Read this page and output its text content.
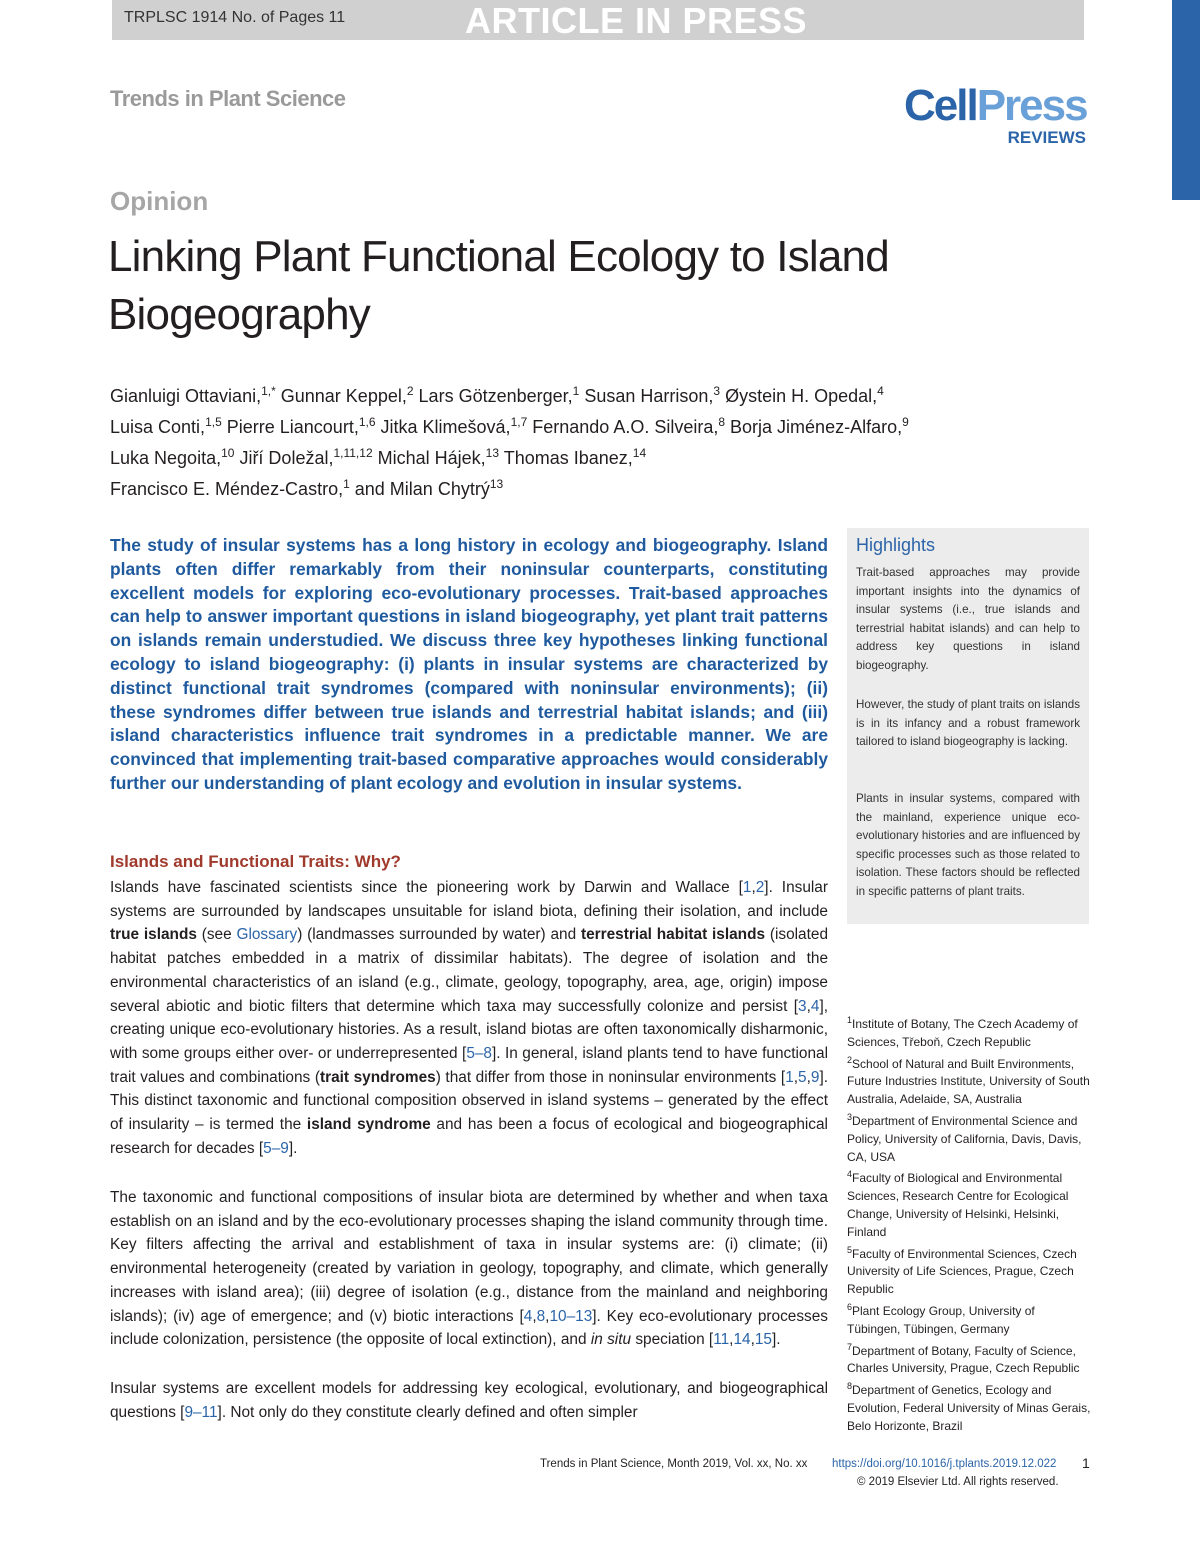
TRPLSC 1914 No. of Pages 11	ARTICLE IN PRESS
Trends in Plant Science	CellPress
REVIEWS
Opinion
Linking Plant Functional Ecology to Island Biogeography
Gianluigi Ottaviani,$^{1,*}$ Gunnar Keppel,$^2$ Lars Götzenberger,$^1$ Susan Harrison,$^3$ Øystein H. Opedal,$^4$
Luisa Conti,$^{1,5}$ Pierre Liancourt,$^{1,6}$ Jitka Klimešová,$^{1,7}$ Fernando A.O. Silveira,$^8$ Borja Jiménez-Alfaro,$^9$
Luka Negoita,$^{10}$ Jiří Doležal,$^{1,11,12}$ Michal Hájek,$^{13}$ Thomas Ibanez,$^{14}$
Francisco E. Méndez-Castro,$^1$ and Milan Chytrý$^{13}$
The study of insular systems has a long history in ecology and biogeography. Island plants often differ remarkably from their noninsular counterparts, constituting excellent models for exploring eco-evolutionary processes. Trait-based approaches can help to answer important questions in island biogeography, yet plant trait patterns on islands remain understudied. We discuss three key hypotheses linking functional ecology to island biogeography: (i) plants in insular systems are characterized by distinct functional trait syndromes (compared with noninsular environments); (ii) these syndromes differ between true islands and terrestrial habitat islands; and (iii) island characteristics influence trait syndromes in a predictable manner. We are convinced that implementing trait-based comparative approaches would considerably further our understanding of plant ecology and evolution in insular systems.
Highlights
Trait-based approaches may provide important insights into the dynamics of insular systems (i.e., true islands and terrestrial habitat islands) and can help to address key questions in island biogeography.
However, the study of plant traits on islands is in its infancy and a robust framework tailored to island biogeography is lacking.
Plants in insular systems, compared with the mainland, experience unique eco-evolutionary histories and are influenced by specific processes such as those related to isolation. These factors should be reflected in specific patterns of plant traits.
Islands and Functional Traits: Why?
Islands have fascinated scientists since the pioneering work by Darwin and Wallace [1,2]. Insular systems are surrounded by landscapes unsuitable for island biota, defining their isolation, and include true islands (see Glossary) (landmasses surrounded by water) and terrestrial habitat islands (isolated habitat patches embedded in a matrix of dissimilar habitats). The degree of isolation and the environmental characteristics of an island (e.g., climate, geology, topography, area, age, origin) impose several abiotic and biotic filters that determine which taxa may successfully colonize and persist [3,4], creating unique eco-evolutionary histories. As a result, island biotas are often taxonomically disharmonic, with some groups either over- or underrepresented [5–8]. In general, island plants tend to have functional trait values and combinations (trait syndromes) that differ from those in noninsular environments [1,5,9]. This distinct taxonomic and functional composition observed in island systems – generated by the effect of insularity – is termed the island syndrome and has been a focus of ecological and biogeographical research for decades [5–9].
The taxonomic and functional compositions of insular biota are determined by whether and when taxa establish on an island and by the eco-evolutionary processes shaping the island community through time. Key filters affecting the arrival and establishment of taxa in insular systems are: (i) climate; (ii) environmental heterogeneity (created by variation in geology, topography, and climate, which generally increases with island area); (iii) degree of isolation (e.g., distance from the mainland and neighboring islands); (iv) age of emergence; and (v) biotic interactions [4,8,10–13]. Key eco-evolutionary processes include colonization, persistence (the opposite of local extinction), and in situ speciation [11,14,15].
Insular systems are excellent models for addressing key ecological, evolutionary, and biogeographical questions [9–11]. Not only do they constitute clearly defined and often simpler
$^1$Institute of Botany, The Czech Academy of Sciences, Třeboň, Czech Republic
$^2$School of Natural and Built Environments, Future Industries Institute, University of South Australia, Adelaide, SA, Australia
$^3$Department of Environmental Science and Policy, University of California, Davis, Davis, CA, USA
$^4$Faculty of Biological and Environmental Sciences, Research Centre for Ecological Change, University of Helsinki, Helsinki, Finland
$^5$Faculty of Environmental Sciences, Czech University of Life Sciences, Prague, Czech Republic
$^6$Plant Ecology Group, University of Tübingen, Tübingen, Germany
$^7$Department of Botany, Faculty of Science, Charles University, Prague, Czech Republic
$^8$Department of Genetics, Ecology and Evolution, Federal University of Minas Gerais, Belo Horizonte, Brazil
Trends in Plant Science, Month 2019, Vol. xx, No. xx https://doi.org/10.1016/j.tplants.2019.12.022 1
© 2019 Elsevier Ltd. All rights reserved.
